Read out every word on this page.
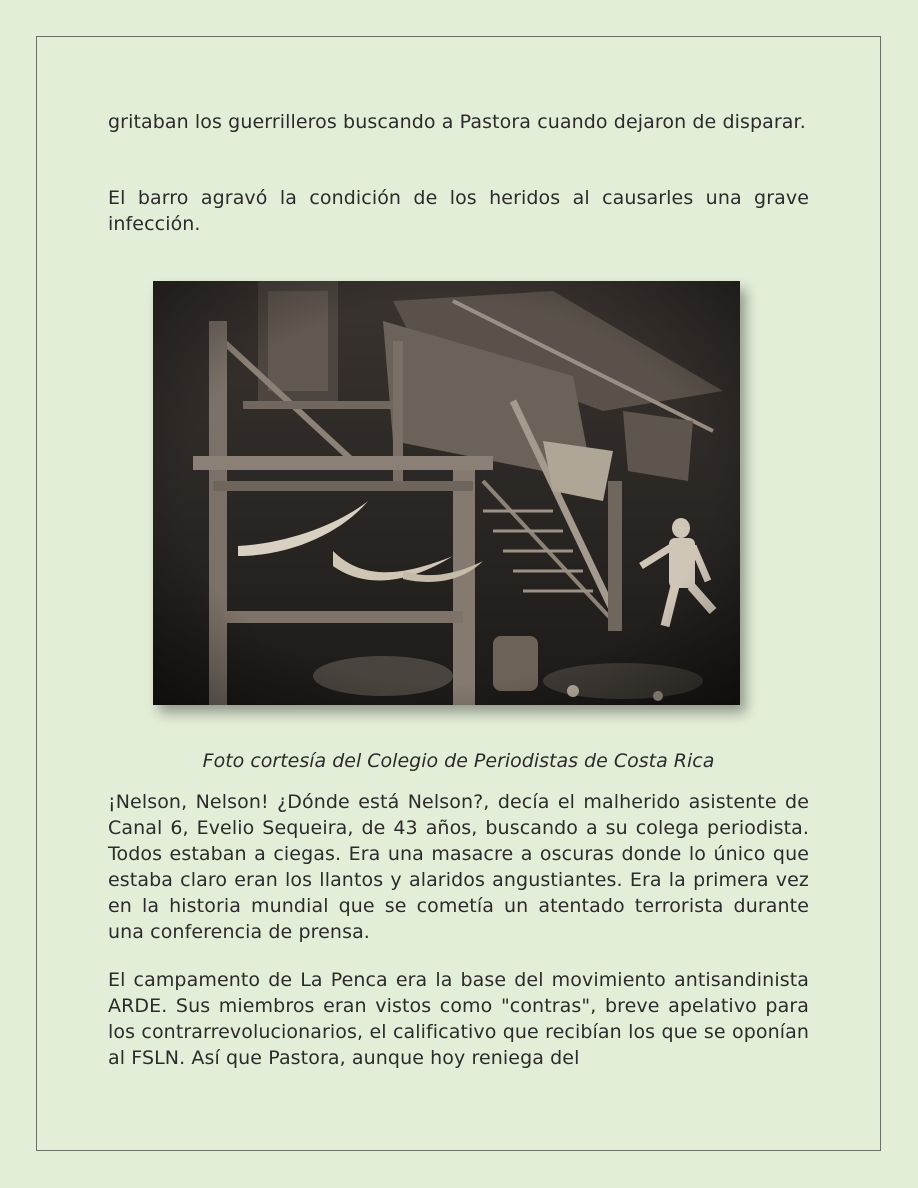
gritaban los guerrilleros buscando a Pastora cuando dejaron de disparar.

El barro agravó la condición de los heridos al causarles una grave infección.

Foto cortesía del Colegio de Periodistas de Costa Rica

¡Nelson, Nelson! ¿Dónde está Nelson?, decía el malherido asistente de Canal 6, Evelio Sequeira, de 43 años, buscando a su colega periodista. Todos estaban a ciegas. Era una masacre a oscuras donde lo único que estaba claro eran los llantos y alaridos angustiantes. Era la primera vez en la historia mundial que se cometía un atentado terrorista durante una conferencia de prensa.

El campamento de La Penca era la base del movimiento antisandinista ARDE. Sus miembros eran vistos como "contras", breve apelativo para los contrarrevolucionarios, el calificativo que recibían los que se oponían al FSLN. Así que Pastora, aunque hoy reniega del
